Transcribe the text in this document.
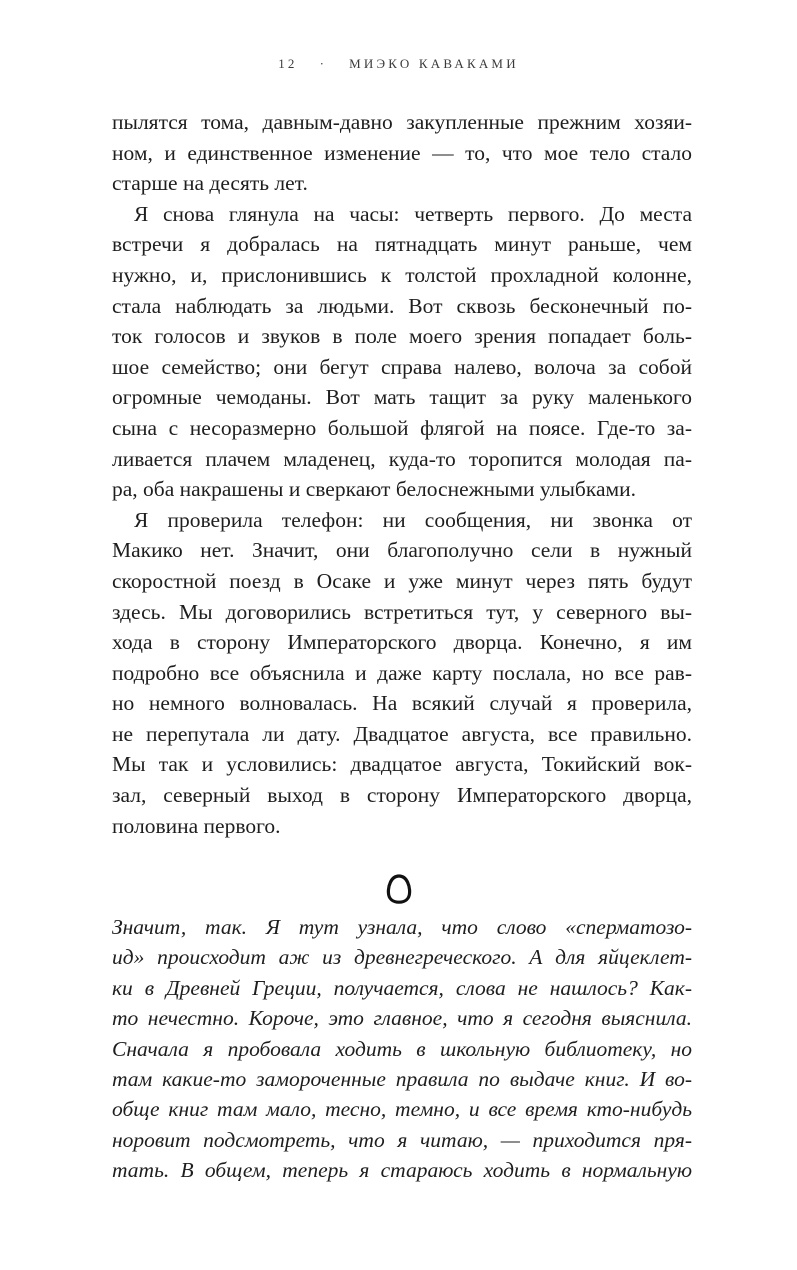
12 · МИЭКО КАВАКАМИ

пылятся тома, давным-давно закупленные прежним хозяи-
ном, и единственное изменение — то, что мое тело стало
старше на десять лет.

Я снова глянула на часы: четверть первого. До места
встречи я добралась на пятнадцать минут раньше, чем
нужно, и, прислонившись к толстой прохладной колонне,
стала наблюдать за людьми. Вот сквозь бесконечный по-
ток голосов и звуков в поле моего зрения попадает боль-
шое семейство; они бегут справа налево, волоча за собой
огромные чемоданы. Вот мать тащит за руку маленького
сына с несоразмерно большой флягой на поясе. Где-то за-
ливается плачем младенец, куда-то торопится молодая па-
ра, оба накрашены и сверкают белоснежными улыбками.

Я проверила телефон: ни сообщения, ни звонка от
Макико нет. Значит, они благополучно сели в нужный
скоростной поезд в Осаке и уже минут через пять будут
здесь. Мы договорились встретиться тут, у северного вы-
хода в сторону Императорского дворца. Конечно, я им
подробно все объяснила и даже карту послала, но все рав-
но немного волновалась. На всякий случай я проверила,
не перепутала ли дату. Двадцатое августа, все правильно.
Мы так и условились: двадцатое августа, Токийский вок-
зал, северный выход в сторону Императорского дворца,
половина первого.

Значит, так. Я тут узнала, что слово «сперматозо-
ид» происходит аж из древнегреческого. А для яйцеклет-
ки в Древней Греции, получается, слова не нашлось? Как-
то нечестно. Короче, это главное, что я сегодня выяснила.
Сначала я пробовала ходить в школьную библиотеку, но
там какие-то замороченные правила по выдаче книг. И во-
обще книг там мало, тесно, темно, и все время кто-нибудь
норовит подсмотреть, что я читаю, — приходится пря-
тать. В общем, теперь я стараюсь ходить в нормальную
